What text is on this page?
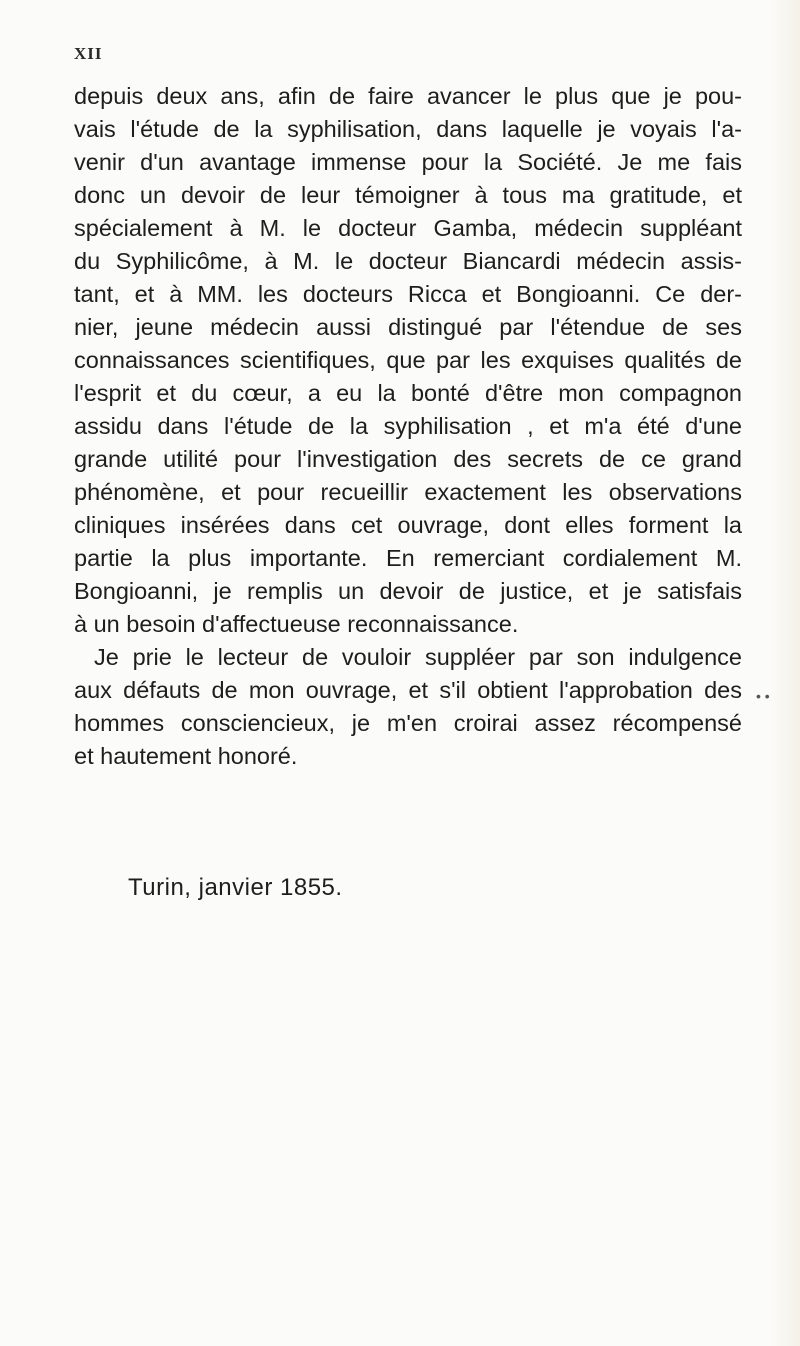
XII
depuis deux ans, afin de faire avancer le plus que je pou-
vais l'étude de la syphilisation, dans laquelle je voyais l'a-
venir d'un avantage immense pour la Société. Je me fais
donc un devoir de leur témoigner à tous ma gratitude, et
spécialement à M. le docteur Gamba, médecin suppléant
du Syphilicôme, à M. le docteur Biancardi médecin assis-
tant, et à MM. les docteurs Ricca et Bongioanni. Ce der-
nier, jeune médecin aussi distingué par l'étendue de ses
connaissances scientifiques, que par les exquises qualités de
l'esprit et du cœur, a eu la bonté d'être mon compagnon
assidu dans l'étude de la syphilisation , et m'a été d'une
grande utilité pour l'investigation des secrets de ce grand
phénomène, et pour recueillir exactement les observations
cliniques insérées dans cet ouvrage, dont elles forment la
partie la plus importante. En remerciant cordialement M.
Bongioanni, je remplis un devoir de justice, et je satisfais
à un besoin d'affectueuse reconnaissance.
Je prie le lecteur de vouloir suppléer par son indulgence
aux défauts de mon ouvrage, et s'il obtient l'approbation des
hommes consciencieux, je m'en croirai assez récompensé
et hautement honoré.
• •
Turin, janvier 1855.
